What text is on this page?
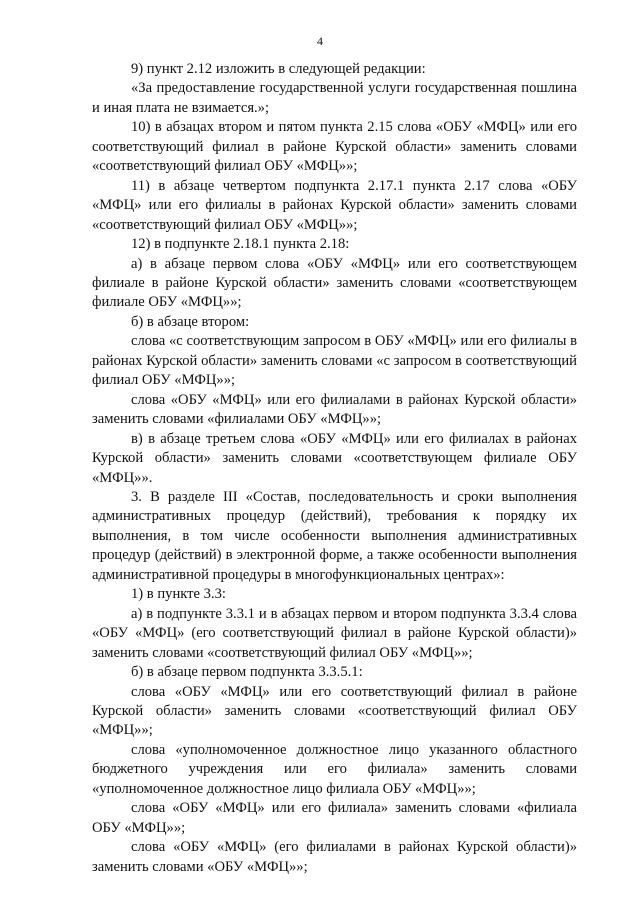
4

9) пункт 2.12 изложить в следующей редакции:

«За предоставление государственной услуги государственная пошлина и иная плата не взимается.»;

10) в абзацах втором и пятом пункта 2.15 слова «ОБУ «МФЦ» или его соответствующий филиал в районе Курской области» заменить словами «соответствующий филиал ОБУ «МФЦ»»;

11) в абзаце четвертом подпункта 2.17.1 пункта 2.17 слова «ОБУ «МФЦ» или его филиалы в районах Курской области» заменить словами «соответствующий филиал ОБУ «МФЦ»»;

12) в подпункте 2.18.1 пункта 2.18:

а) в абзаце первом слова «ОБУ «МФЦ» или его соответствующем филиале в районе Курской области» заменить словами «соответствующем филиале ОБУ «МФЦ»»;

б) в абзаце втором:

слова «с соответствующим запросом в ОБУ «МФЦ» или его филиалы в районах Курской области» заменить словами «с запросом в соответствующий филиал ОБУ «МФЦ»»;

слова «ОБУ «МФЦ» или его филиалами в районах Курской области» заменить словами «филиалами ОБУ «МФЦ»»;

в) в абзаце третьем слова «ОБУ «МФЦ» или его филиалах в районах Курской области» заменить словами «соответствующем филиале ОБУ «МФЦ»».

3. В разделе III «Состав, последовательность и сроки выполнения административных процедур (действий), требования к порядку их выполнения, в том числе особенности выполнения административных процедур (действий) в электронной форме, а также особенности выполнения административной процедуры в многофункциональных центрах»:

1) в пункте 3.3:

а) в подпункте 3.3.1 и в абзацах первом и втором подпункта 3.3.4 слова «ОБУ «МФЦ» (его соответствующий филиал в районе Курской области)» заменить словами «соответствующий филиал ОБУ «МФЦ»»;

б) в абзаце первом подпункта 3.3.5.1:

слова «ОБУ «МФЦ» или его соответствующий филиал в районе Курской области» заменить словами «соответствующий филиал ОБУ «МФЦ»»;

слова «уполномоченное должностное лицо указанного областного бюджетного учреждения или его филиала» заменить словами «уполномоченное должностное лицо филиала ОБУ «МФЦ»»;

слова «ОБУ «МФЦ» или его филиала» заменить словами «филиала ОБУ «МФЦ»»;

слова «ОБУ «МФЦ» (его филиалами в районах Курской области)» заменить словами «ОБУ «МФЦ»»;
